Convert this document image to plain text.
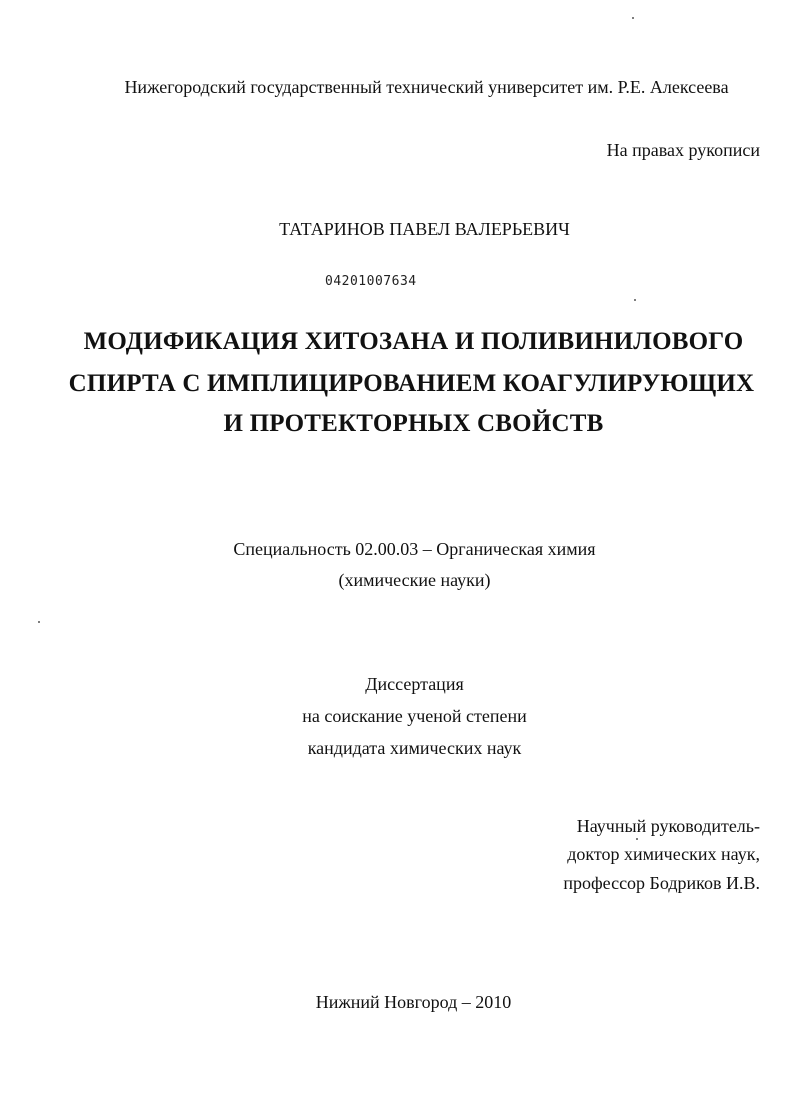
Нижегородский государственный технический университет им. Р.Е. Алексеева
На правах рукописи
ТАТАРИНОВ ПАВЕЛ ВАЛЕРЬЕВИЧ
04201007634
МОДИФИКАЦИЯ ХИТОЗАНА И ПОЛИВИНИЛОВОГО
СПИРТА С ИМПЛИЦИРОВАНИЕМ КОАГУЛИРУЮЩИХ
И ПРОТЕКТОРНЫХ СВОЙСТВ
Специальность 02.00.03 – Органическая химия
(химические науки)
Диссертация
на соискание ученой степени
кандидата химических наук
Научный руководитель-
доктор химических наук,
профессор Бодриков И.В.
Нижний Новгород – 2010
